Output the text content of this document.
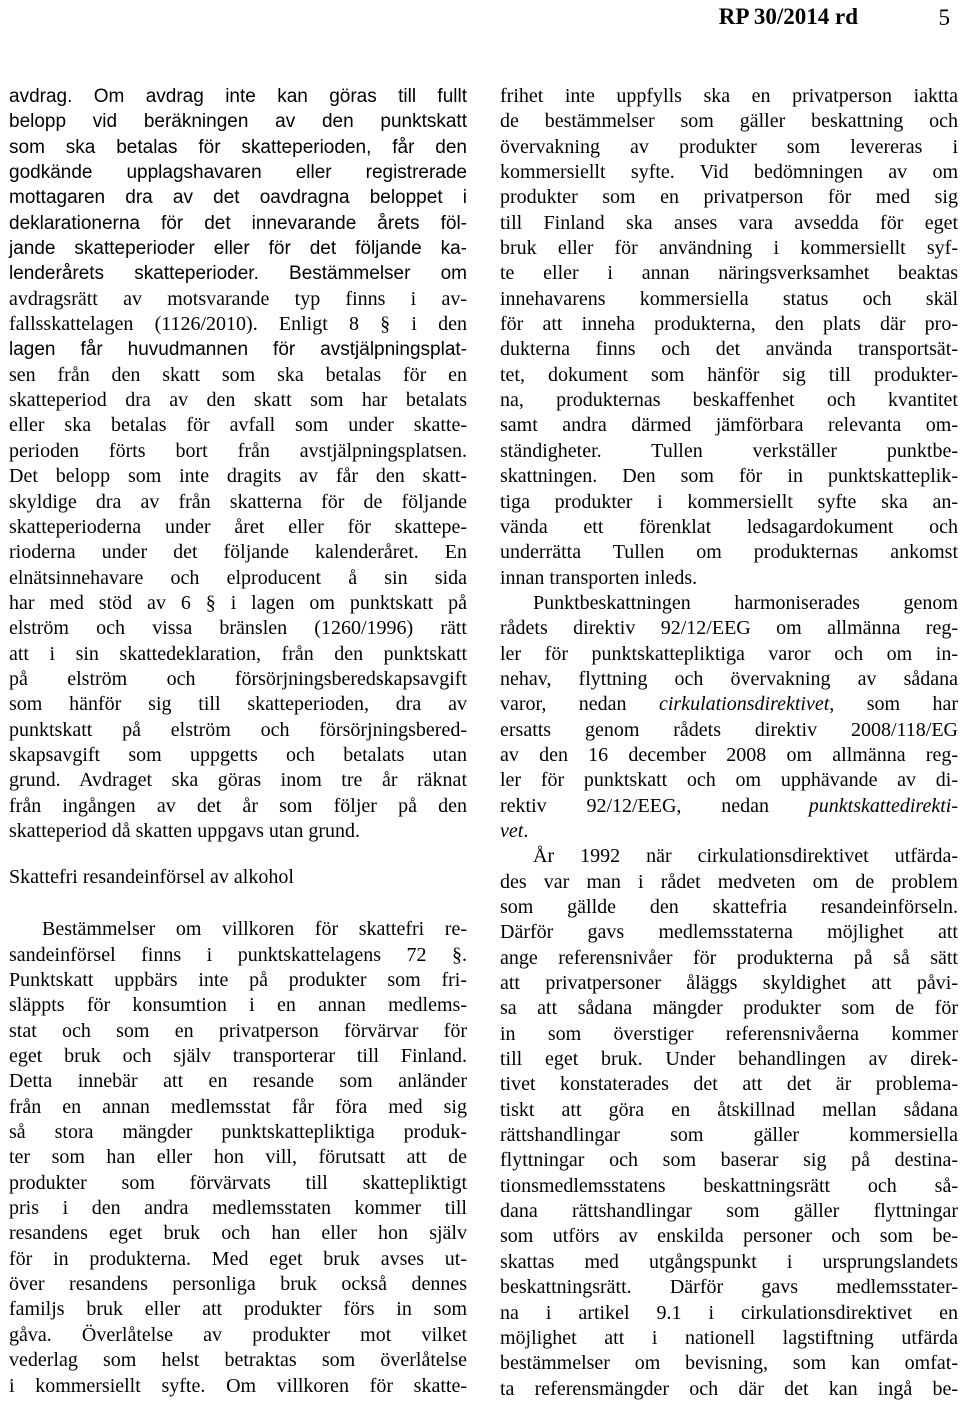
RP 30/2014 rd	5
avdrag. Om avdrag inte kan göras till fullt
belopp vid beräkningen av den punktskatt
som ska betalas för skatteperioden, får den
godkände upplagshavaren eller registrerade
mottagaren dra av det oavdragna beloppet i
deklarationerna för det innevarande årets föl-
jande skatteperioder eller för det följande ka-
lenderårets skatteperioder. Bestämmelser om
avdragsrätt av motsvarande typ finns i av-
fallsskattelagen (1126/2010). Enligt 8 § i den
lagen får huvudmannen för avstjälpningsplat-
sen från den skatt som ska betalas för en
skatteperiod dra av den skatt som har betalats
eller ska betalas för avfall som under skatte-
perioden förts bort från avstjälpningsplatsen.
Det belopp som inte dragits av får den skatt-
skyldige dra av från skatterna för de följande
skatteperioderna under året eller för skattepe-
rioderna under det följande kalenderåret. En
elnätsinnehavare och elproducent å sin sida
har med stöd av 6 § i lagen om punktskatt på
elström och vissa bränslen (1260/1996) rätt
att i sin skattedeklaration, från den punktskatt
på elström och försörjningsberedskapsavgift
som hänför sig till skatteperioden, dra av
punktskatt på elström och försörjningsbered-
skapsavgift som uppgetts och betalats utan
grund. Avdraget ska göras inom tre år räknat
från ingången av det år som följer på den
skatteperiod då skatten uppgavs utan grund.
Skattefri resandeinförsel av alkohol
Bestämmelser om villkoren för skattefri re-
sandeinförsel finns i punktskattelagens 72 §.
Punktskatt uppbärs inte på produkter som fri-
släppts för konsumtion i en annan medlems-
stat och som en privatperson förvärvar för
eget bruk och själv transporterar till Finland.
Detta innebär att en resande som anländer
från en annan medlemsstat får föra med sig
så stora mängder punktskattepliktiga produk-
ter som han eller hon vill, förutsatt att de
produkter som förvärvats till skattepliktigt
pris i den andra medlemsstaten kommer till
resandens eget bruk och han eller hon själv
för in produkterna. Med eget bruk avses ut-
över resandens personliga bruk också dennes
familjs bruk eller att produkter förs in som
gåva. Överlåtelse av produkter mot vilket
vederlag som helst betraktas som överlåtelse
i kommersiellt syfte. Om villkoren för skatte-
frihet inte uppfylls ska en privatperson iaktta
de bestämmelser som gäller beskattning och
övervakning av produkter som levereras i
kommersiellt syfte. Vid bedömningen av om
produkter som en privatperson för med sig
till Finland ska anses vara avsedda för eget
bruk eller för användning i kommersiellt syf-
te eller i annan näringsverksamhet beaktas
innehavarens kommersiella status och skäl
för att inneha produkterna, den plats där pro-
dukterna finns och det använda transportsät-
tet, dokument som hänför sig till produkter-
na, produkternas beskaffenhet och kvantitet
samt andra därmed jämförbara relevanta om-
ständigheter. Tullen verkställer punktbe-
skattningen. Den som för in punktskatteplik-
tiga produkter i kommersiellt syfte ska an-
vända ett förenklat ledsagardokument och
underrätta Tullen om produkternas ankomst
innan transporten inleds.
Punktbeskattningen harmoniserades genom
rådets direktiv 92/12/EEG om allmänna reg-
ler för punktskattepliktiga varor och om in-
nehav, flyttning och övervakning av sådana
varor, nedan cirkulationsdirektivet, som har
ersatts genom rådets direktiv 2008/118/EG
av den 16 december 2008 om allmänna reg-
ler för punktskatt och om upphävande av di-
rektiv 92/12/EEG, nedan punktskattedirekti-
vet.
År 1992 när cirkulationsdirektivet utfärda-
des var man i rådet medveten om de problem
som gällde den skattefria resandeinförseln.
Därför gavs medlemsstaterna möjlighet att
ange referensnivåer för produkterna på så sätt
att privatpersoner åläggs skyldighet att påvi-
sa att sådana mängder produkter som de för
in som överstiger referensnivåerna kommer
till eget bruk. Under behandlingen av direk-
tivet konstaterades det att det är problema-
tiskt att göra en åtskillnad mellan sådana
rättshandlingar som gäller kommersiella
flyttningar och som baserar sig på destina-
tionsmedlemsstatens beskattningsrätt och så-
dana rättshandlingar som gäller flyttningar
som utförs av enskilda personer och som be-
skattas med utgångspunkt i ursprungslandets
beskattningsrätt. Därför gavs medlemsstater-
na i artikel 9.1 i cirkulationsdirektivet en
möjlighet att i nationell lagstiftning utfärda
bestämmelser om bevisning, som kan omfat-
ta referensmängder och där det kan ingå be-
